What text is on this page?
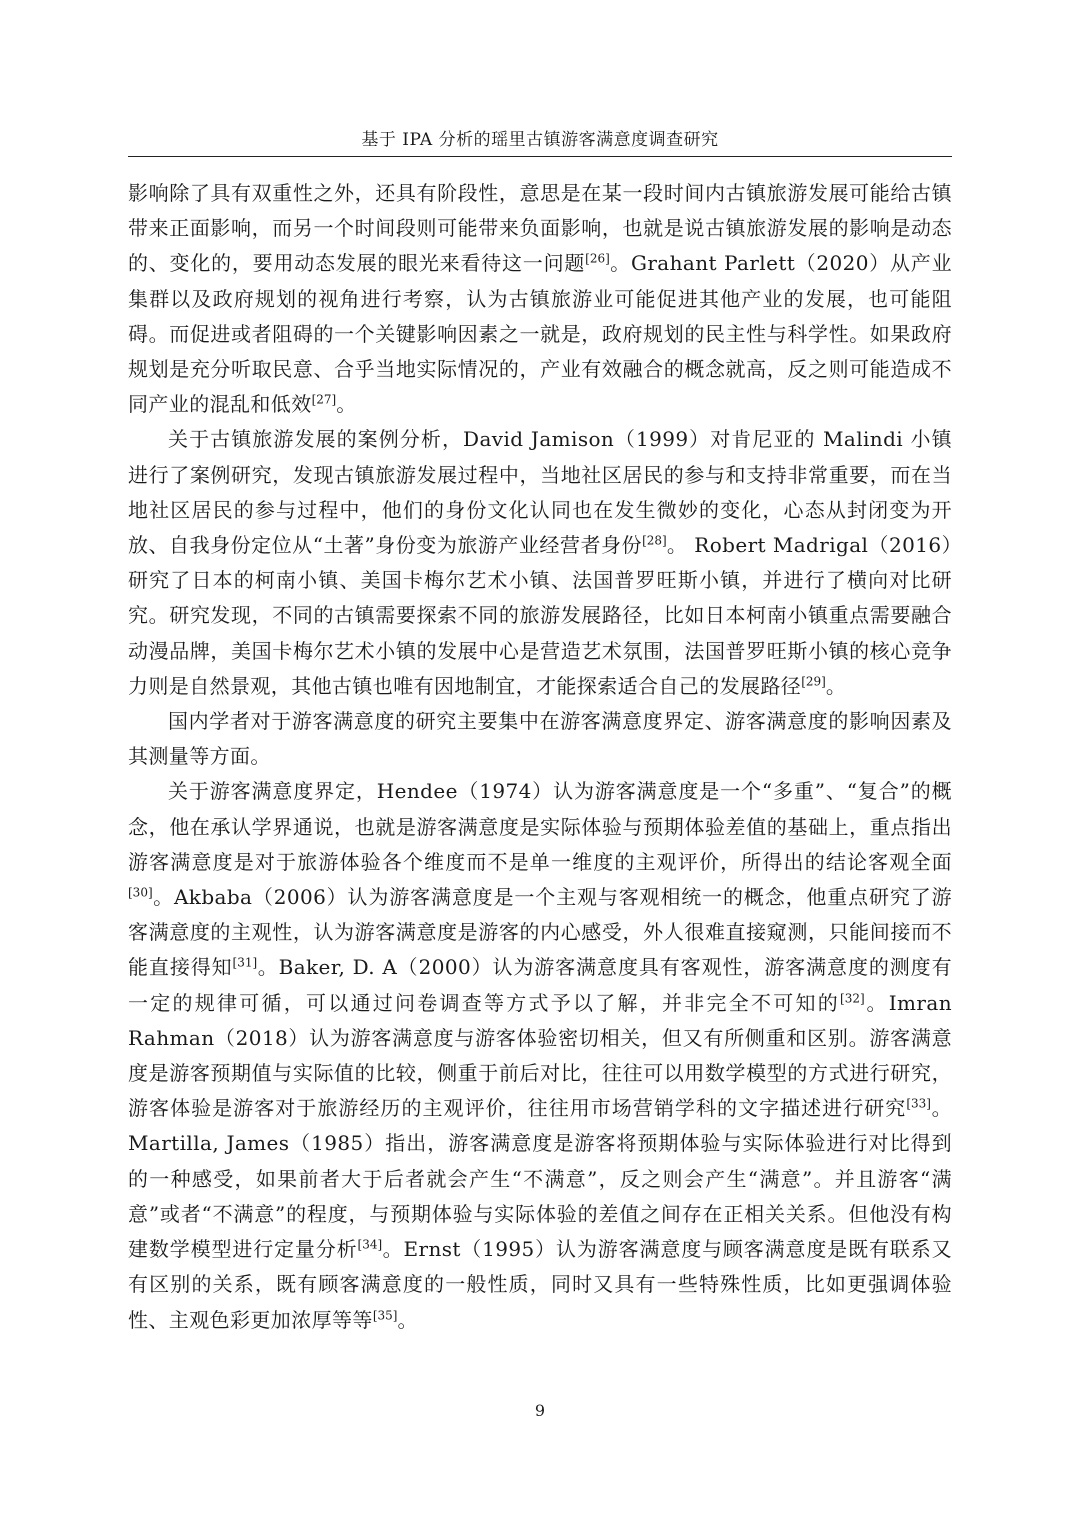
基于 IPA 分析的瑶里古镇游客满意度调查研究

影响除了具有双重性之外，还具有阶段性，意思是在某一段时间内古镇旅游发展可能给古镇带来正面影响，而另一个时间段则可能带来负面影响，也就是说古镇旅游发展的影响是动态的、变化的，要用动态发展的眼光来看待这一问题[26]。Grahant Parlett（2020）从产业集群以及政府规划的视角进行考察，认为古镇旅游业可能促进其他产业的发展，也可能阻碍。而促进或者阻碍的一个关键影响因素之一就是，政府规划的民主性与科学性。如果政府规划是充分听取民意、合乎当地实际情况的，产业有效融合的概念就高，反之则可能造成不同产业的混乱和低效[27]。

关于古镇旅游发展的案例分析，David Jamison（1999）对肯尼亚的 Malindi 小镇进行了案例研究，发现古镇旅游发展过程中，当地社区居民的参与和支持非常重要，而在当地社区居民的参与过程中，他们的身份文化认同也在发生微妙的变化，心态从封闭变为开放、自我身份定位从“土著”身份变为旅游产业经营者身份[28]。 Robert Madrigal（2016）研究了日本的柯南小镇、美国卡梅尔艺术小镇、法国普罗旺斯小镇，并进行了横向对比研究。研究发现，不同的古镇需要探索不同的旅游发展路径，比如日本柯南小镇重点需要融合动漫品牌，美国卡梅尔艺术小镇的发展中心是营造艺术氛围，法国普罗旺斯小镇的核心竞争力则是自然景观，其他古镇也唯有因地制宜，才能探索适合自己的发展路径[29]。

国内学者对于游客满意度的研究主要集中在游客满意度界定、游客满意度的影响因素及其测量等方面。

关于游客满意度界定，Hendee（1974）认为游客满意度是一个“多重”、“复合”的概念，他在承认学界通说，也就是游客满意度是实际体验与预期体验差值的基础上，重点指出游客满意度是对于旅游体验各个维度而不是单一维度的主观评价，所得出的结论客观全面[30]。Akbaba（2006）认为游客满意度是一个主观与客观相统一的概念，他重点研究了游客满意度的主观性，认为游客满意度是游客的内心感受，外人很难直接窥测，只能间接而不能直接得知[31]。Baker, D. A（2000）认为游客满意度具有客观性，游客满意度的测度有一定的规律可循，可以通过问卷调查等方式予以了解，并非完全不可知的[32]。Imran Rahman（2018）认为游客满意度与游客体验密切相关，但又有所侧重和区别。游客满意度是游客预期值与实际值的比较，侧重于前后对比，往往可以用数学模型的方式进行研究，游客体验是游客对于旅游经历的主观评价，往往用市场营销学科的文字描述进行研究[33]。Martilla, James（1985）指出，游客满意度是游客将预期体验与实际体验进行对比得到的一种感受，如果前者大于后者就会产生“不满意”，反之则会产生“满意”。并且游客“满意”或者“不满意”的程度，与预期体验与实际体验的差值之间存在正相关关系。但他没有构建数学模型进行定量分析[34]。Ernst（1995）认为游客满意度与顾客满意度是既有联系又有区别的关系，既有顾客满意度的一般性质，同时又具有一些特殊性质，比如更强调体验性、主观色彩更加浓厚等等[35]。

9
